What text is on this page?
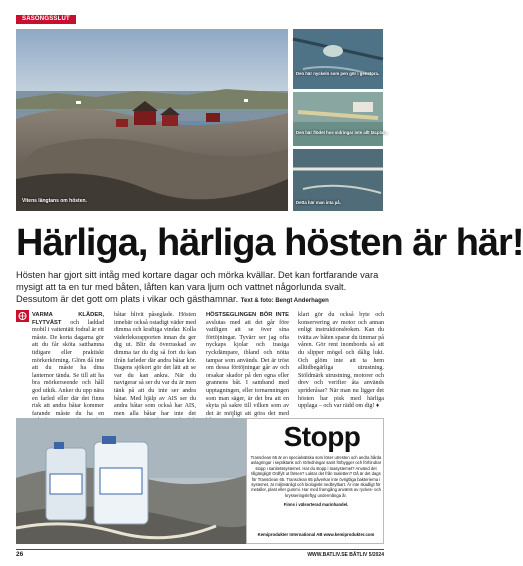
SÄSONGSSLUT
Vitens längtans om hösten.
Den här nyckeln som pen gör i genstora.
Den här flödet hos sidringar inte allt täcplat...
Detta här man inta på.
Härliga, härliga hösten är här!
Hösten har gjort sitt intåg med kortare dagar och mörka kvällar. Det kan fortfarande vara mysigt att ta en tur med båten, låften kan vara ljum och vattnet någorlunda svalt. Dessutom är det gott om plats i vikar och gästhamnar. Text & foto: Bengt Anderhagen
VARMA KLÄDER, FLYTVÄST och laddad mobil i vattentätt fodral är ett måste. De korta dagarna gör att du får sköta satthamna tidigare eller praktiskt mörkerkörning. Glöm då inte att du måste ha dina lanternor tända. Se till att ha bra mörkerseende och håll god utkik. Anker du upp nära en farled eller där det finns risk att andra båtar kommer farande måste du ha en
båtar blivit påseglade. Hösten innebär också ostadigt väder med dimma och kraftiga vindar. Kolla väderleksrapporten innan du ger dig ut. Blir du överraskad av dimma tar du dig så fort du kan ifrån farleder där andra båtar kör. Dagens sjökort gör det lätt att se var du kan ankra. När du navigerar så ser du var du är men tänk på att du inte ser andra båtar. Med hjälp av AIS ser du andra båtar som också har AIS, men alla båtar har inte det
HÖSTSEGLINGEN BÖR INTE avslutas med att det går före vattligen att se över sina förtöjningar. Tyvärr ser jag ofta nyckaps kjolar och trasiga ryckdämpare, ibland och nötta tampar som används. Det är tröst om dessa förtöjningar går av och orsakar skador på den egna eller grannens båt. I samband med upptagningen, eller tornarnningen som man säger, är det bra att en skyta på sakre till vilken som av det är möjligt att göra det med
klart gör du också byte och konservering av motor och annan enligt instruktionsboken. Kan du tvätta av båten sparar du timmar på våren. Gör rent inombords så att du slipper mögel och dålig lukt. Och glöm inte att ta hem alltidbegärliga utrustning. Stöldmärk utrustning, motorer och drev och verifier åta används sprideråsar? När man nu ligger det hösten har pisk med härliga upplaga – och var rädd om dig! ♦
Stopp
Transclean 65 är en specialvätska som löser utresten och andra hårda avlagringar i septiktank och rörledningar samt förbygger och förhindrar stopp i sanitetssystemet. Har du stopp i toasystemet? Använd det tillgängligt! Ordfylt ut färsen? Luktar det från toaletten? Då är det dags för Transclean 65. Transclean 65 påverkar inte övrigtliga bakterierna i systemet, är miljövänligt och biologiskt nedbrytbart. Är inte skadligt för metaller, plast eller gummi. Har med framgång använts av ryckes- och krysseringsleftyg undermånga år.
Finns i välsorterad marinhandel.
Kemiprodukter International AB www.kemiprodukter.com
26	WWW.BATLIV.SE BÅTLIV 5/2024
